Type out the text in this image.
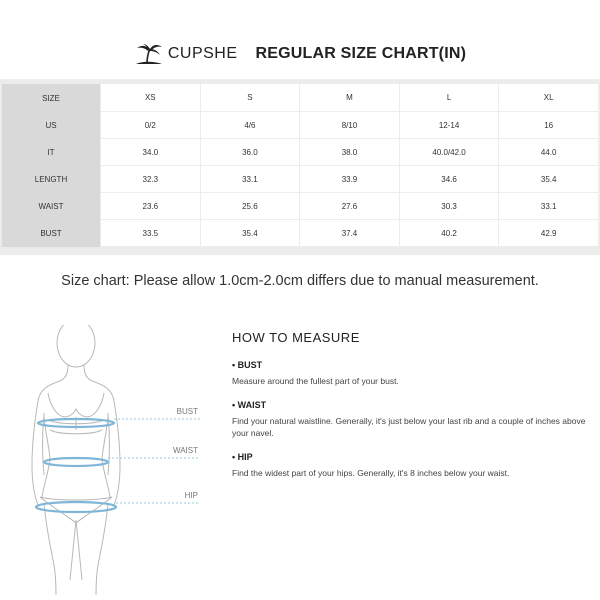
CUPSHE REGULAR SIZE CHART(IN)
SIZE	XS	S	M	L	XL
US	0/2	4/6	8/10	12-14	16
IT	34.0	36.0	38.0	40.0/42.0	44.0
LENGTH	32.3	33.1	33.9	34.6	35.4
WAIST	23.6	25.6	27.6	30.3	33.1
BUST	33.5	35.4	37.4	40.2	42.9
Size chart: Please allow 1.0cm-2.0cm differs due to manual measurement.
BUST
WAIST
HIP
HOW TO MEASURE
• BUST
Measure around the fullest part of your bust.
• WAIST
Find your natural waistline. Generally, it's just below your last rib and a couple of inches above your navel.
• HIP
Find the widest part of your hips. Generally, it's 8 inches below your waist.
